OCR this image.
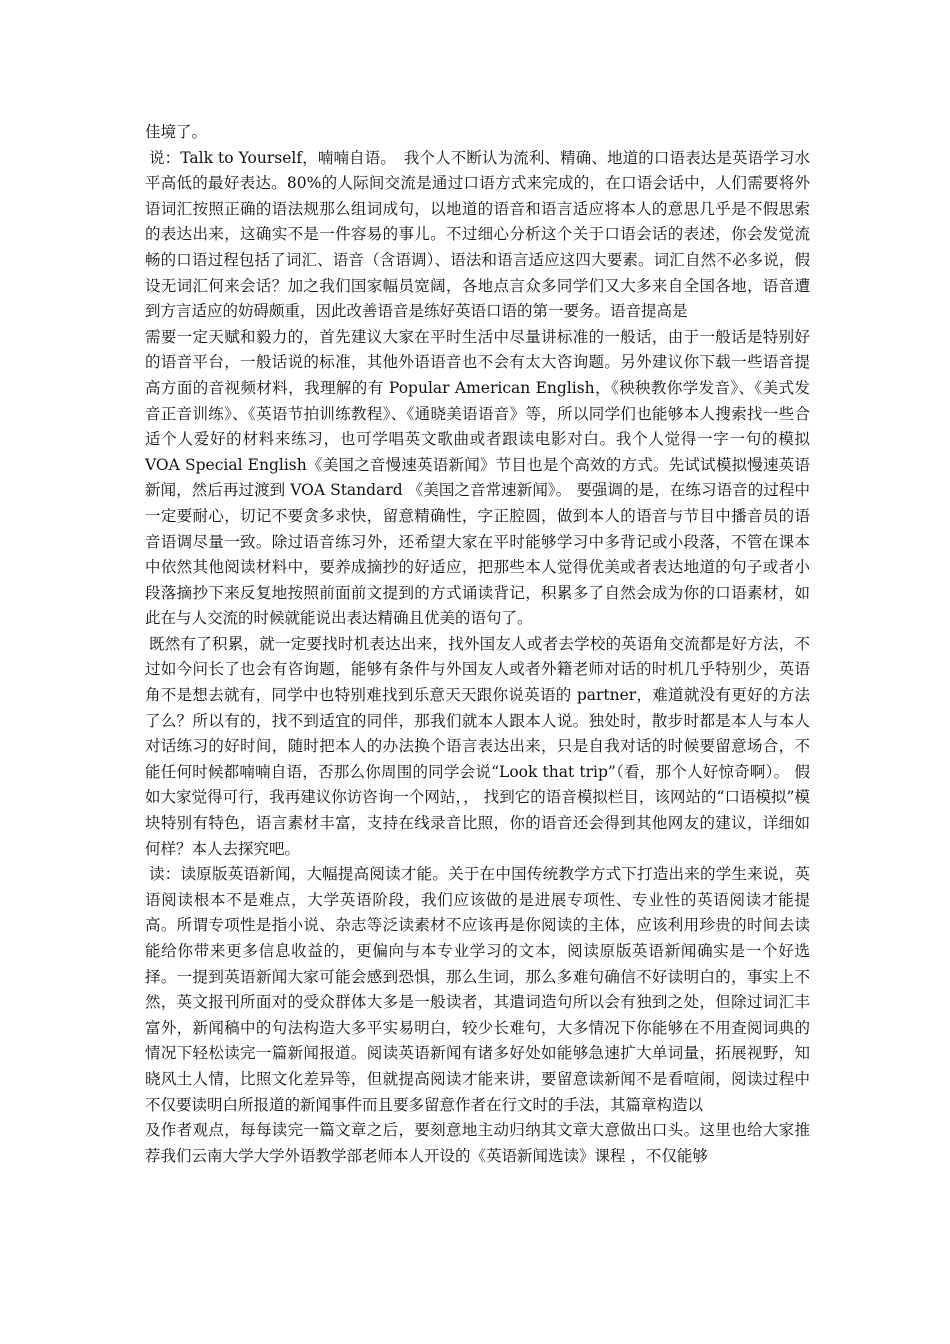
佳境了。

说：Talk to Yourself，喃喃自语。　我个人不断认为流利、精确、地道的口语表达是英语学习水平高低的最好表达。80%的人际间交流是通过口语方式来完成的，在口语会话中，人们需要将外语词汇按照正确的语法规那么组词成句，以地道的语音和语言适应将本人的意思几乎是不假思索的表达出来，这确实不是一件容易的事儿。不过细心分析这个关于口语会话的表述，你会发觉流畅的口语过程包括了词汇、语音（含语调）、语法和语言适应这四大要素。词汇自然不必多说，假设无词汇何来会话？加之我们国家幅员宽阔，各地点言众多同学们又大多来自全国各地，语音遭到方言适应的妨碍颇重，因此改善语音是练好英语口语的第一要务。语音提高是

需要一定天赋和毅力的，首先建议大家在平时生活中尽量讲标准的一般话，由于一般话是特别好的语音平台，一般话说的标准，其他外语语音也不会有太大咨询题。另外建议你下载一些语音提高方面的音视频材料，我理解的有 Popular American English，《秧秧教你学发音》、《美式发音正音训练》、《英语节拍训练教程》、《通晓美语语音》等，所以同学们也能够本人搜索找一些合适个人爱好的材料来练习，也可学唱英文歌曲或者跟读电影对白。我个人觉得一字一句的模拟 VOA Special English《美国之音慢速英语新闻》节目也是个高效的方式。先试试模拟慢速英语新闻，然后再过渡到 VOA Standard 《美国之音常速新闻》。 要强调的是，在练习语音的过程中一定要耐心，切记不要贪多求快，留意精确性，字正腔圆，做到本人的语音与节目中播音员的语音语调尽量一致。除过语音练习外，还希望大家在平时能够学习中多背记或小段落，不管在课本中依然其他阅读材料中，要养成摘抄的好适应，把那些本人觉得优美或者表达地道的句子或者小段落摘抄下来反复地按照前面前文提到的方式诵读背记，积累多了自然会成为你的口语素材，如此在与人交流的时候就能说出表达精确且优美的语句了。

既然有了积累，就一定要找时机表达出来，找外国友人或者去学校的英语角交流都是好方法，不过如今问长了也会有咨询题，能够有条件与外国友人或者外籍老师对话的时机几乎特别少，英语角不是想去就有，同学中也特别难找到乐意天天跟你说英语的 partner，难道就没有更好的方法了么？所以有的，找不到适宜的同伴，那我们就本人跟本人说。独处时，散步时都是本人与本人对话练习的好时间，随时把本人的办法换个语言表达出来，只是自我对话的时候要留意场合，不能任何时候都喃喃自语，否那么你周围的同学会说“Look that trip”（看，那个人好惊奇啊）。 假如大家觉得可行，我再建议你访咨询一个网站，， 找到它的语音模拟栏目，该网站的“口语模拟”模块特别有特色，语言素材丰富，支持在线录音比照，你的语音还会得到其他网友的建议，详细如何样？本人去探究吧。

读：读原版英语新闻，大幅提高阅读才能。关于在中国传统教学方式下打造出来的学生来说，英语阅读根本不是难点，大学英语阶段，我们应该做的是进展专项性、专业性的英语阅读才能提高。所谓专项性是指小说、杂志等泛读素材不应该再是你阅读的主体，应该利用珍贵的时间去读能给你带来更多信息收益的，更偏向与本专业学习的文本，阅读原版英语新闻确实是一个好选择。一提到英语新闻大家可能会感到恐惧，那么生词，那么多难句确信不好读明白的，事实上不然，英文报刊所面对的受众群体大多是一般读者，其遣词造句所以会有独到之处，但除过词汇丰富外，新闻稿中的句法构造大多平实易明白，较少长难句，大多情况下你能够在不用查阅词典的情况下轻松读完一篇新闻报道。阅读英语新闻有诸多好处如能够急速扩大单词量，拓展视野，知晓风土人情，比照文化差异等，但就提高阅读才能来讲，要留意读新闻不是看喧闹，阅读过程中不仅要读明白所报道的新闻事件而且要多留意作者在行文时的手法，其篇章构造以

及作者观点，每每读完一篇文章之后，要刻意地主动归纳其文章大意做出口头。这里也给大家推荐我们云南大学大学外语教学部老师本人开设的《英语新闻选读》课程 ，不仅能够
